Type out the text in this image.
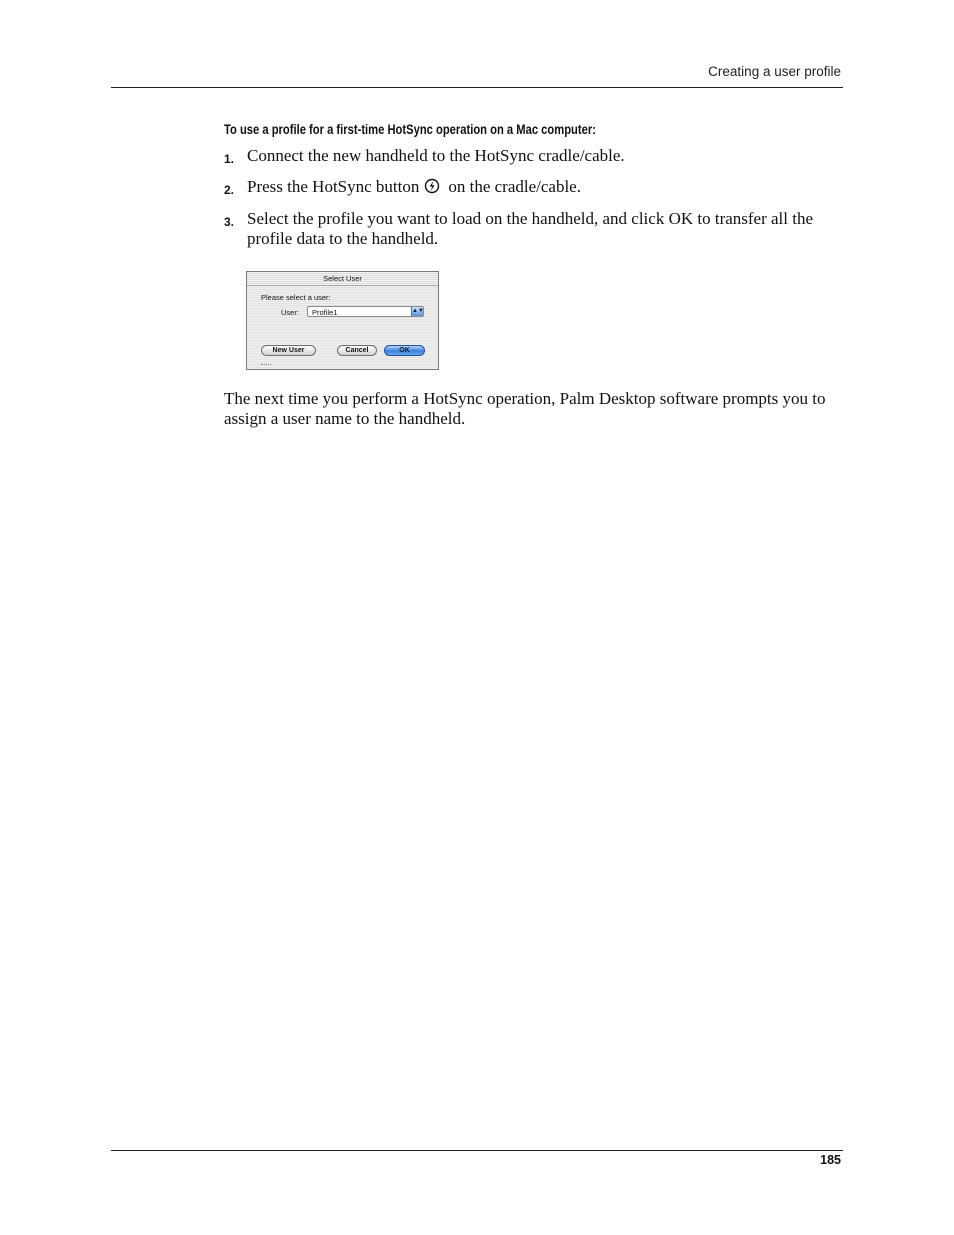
Creating a user profile
To use a profile for a first-time HotSync operation on a Mac computer:
1. Connect the new handheld to the HotSync cradle/cable.
2. Press the HotSync button on the cradle/cable.
3. Select the profile you want to load on the handheld, and click OK to transfer all the profile data to the handheld.
Select User
Please select a user:
User:	Profile1	▲▼
New User	Cancel	OK
The next time you perform a HotSync operation, Palm Desktop software prompts you to assign a user name to the handheld.
185
